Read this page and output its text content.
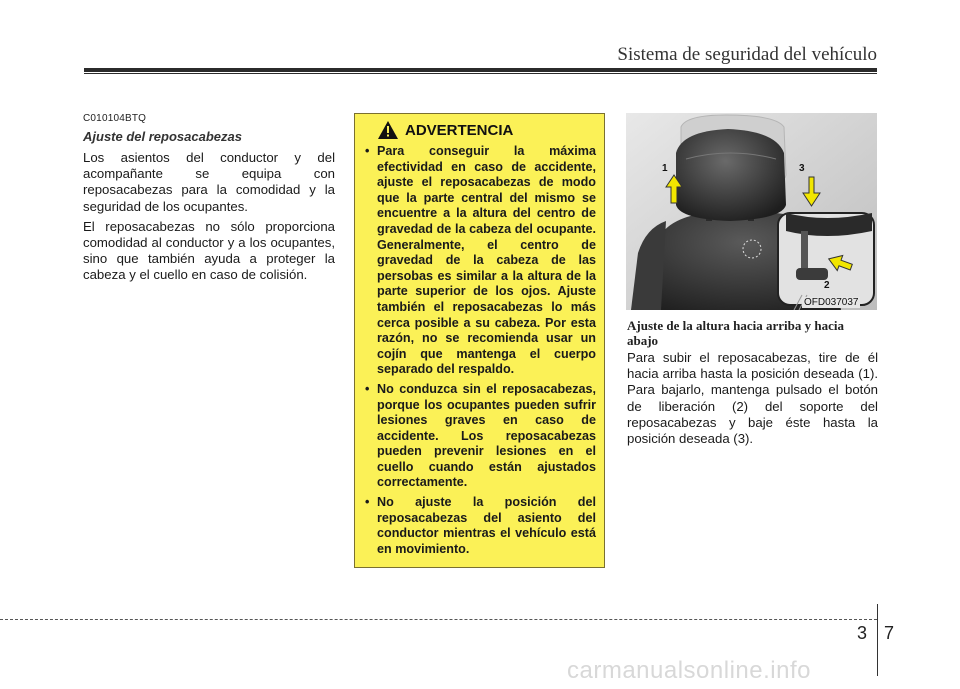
Sistema de seguridad del vehículo
C010104BTQ
Ajuste del reposacabezas

Los asientos del conductor y del acompañante se equipa con reposacabezas para la comodidad y la seguridad de los ocupantes.

El reposacabezas no sólo proporciona comodidad al conductor y a los ocupantes, sino que también ayuda a proteger la cabeza y el cuello en caso de colisión.

ADVERTENCIA
• Para conseguir la máxima efectividad en caso de accidente, ajuste el reposacabezas de modo que la parte central del mismo se encuentre a la altura del centro de gravedad de la cabeza del ocupante. Generalmente, el centro de gravedad de la cabeza de las persobas es similar a la altura de la parte superior de los ojos. Ajuste también el reposacabezas lo más cerca posible a su cabeza. Por esta razón, no se recomienda usar un cojín que mantenga el cuerpo separado del respaldo.
• No conduzca sin el reposacabezas, porque los ocupantes pueden sufrir lesiones graves en caso de accidente. Los reposacabezas pueden prevenir lesiones en el cuello cuando están ajustados correctamente.
• No ajuste la posición del reposacabezas del asiento del conductor mientras el vehículo está en movimiento.
1
2
3
OFD037037
Ajuste de la altura hacia arriba y hacia abajo

Para subir el reposacabezas, tire de él hacia arriba hasta la posición deseada (1). Para bajarlo, mantenga pulsado el botón de liberación (2) del soporte del reposacabezas y baje éste hasta la posición deseada (3).

3 7
carmanualsonline.info
